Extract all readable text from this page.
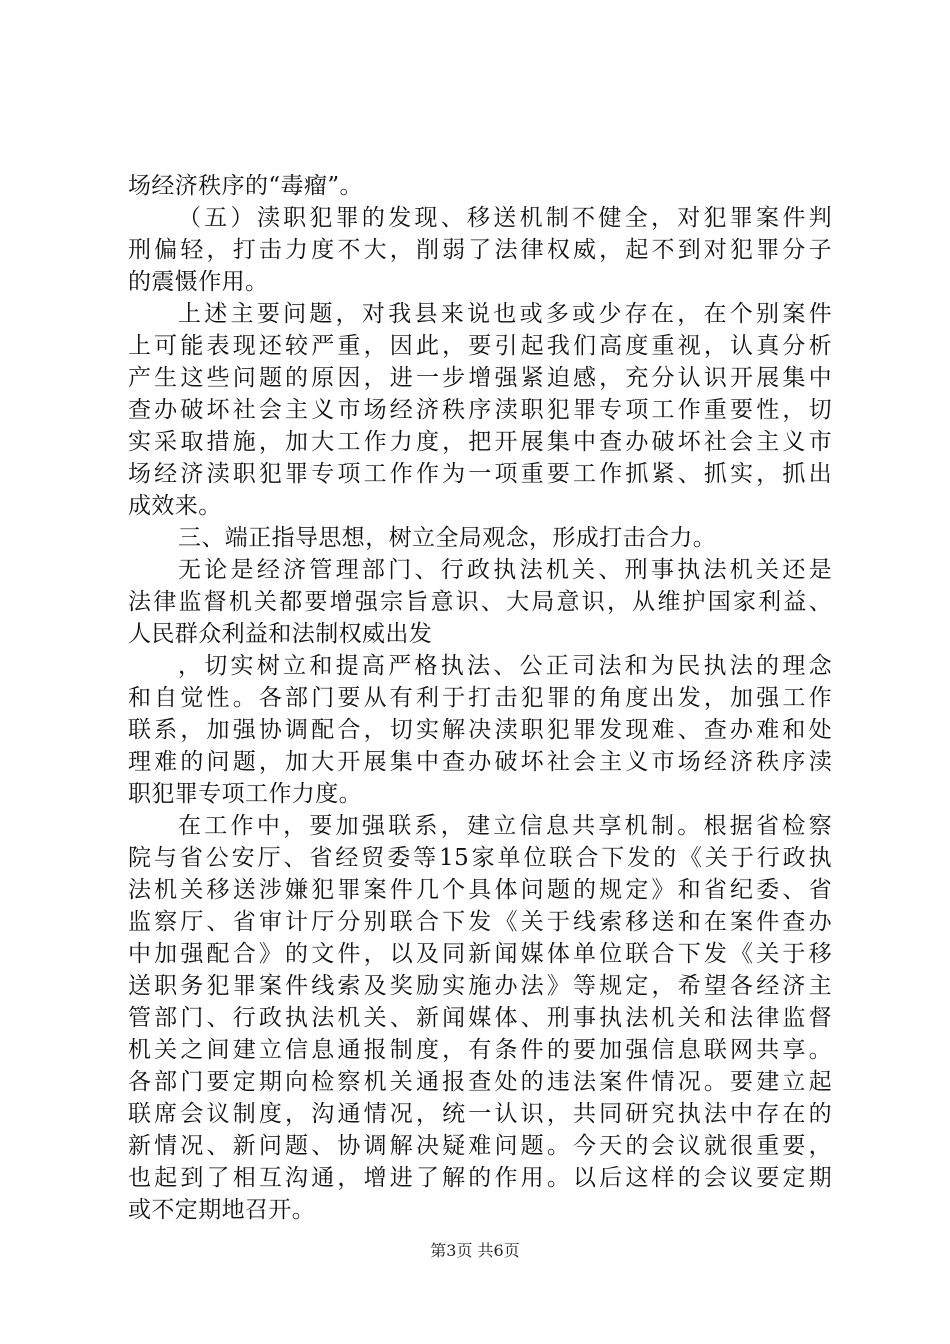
场经济秩序的“毒瘤”。
（五）渎职犯罪的发现、移送机制不健全，对犯罪案件判
刑偏轻，打击力度不大，削弱了法律权威，起不到对犯罪分子
的震慑作用。
上述主要问题，对我县来说也或多或少存在，在个别案件
上可能表现还较严重，因此，要引起我们高度重视，认真分析
产生这些问题的原因，进一步增强紧迫感，充分认识开展集中
查办破坏社会主义市场经济秩序渎职犯罪专项工作重要性，切
实采取措施，加大工作力度，把开展集中查办破坏社会主义市
场经济渎职犯罪专项工作作为一项重要工作抓紧、抓实，抓出
成效来。
三、端正指导思想，树立全局观念，形成打击合力。
无论是经济管理部门、行政执法机关、刑事执法机关还是
法律监督机关都要增强宗旨意识、大局意识，从维护国家利益、
人民群众利益和法制权威出发
，切实树立和提高严格执法、公正司法和为民执法的理念
和自觉性。各部门要从有利于打击犯罪的角度出发，加强工作
联系，加强协调配合，切实解决渎职犯罪发现难、查办难和处
理难的问题，加大开展集中查办破坏社会主义市场经济秩序渎
职犯罪专项工作力度。
在工作中，要加强联系，建立信息共享机制。根据省检察
院与省公安厅、省经贸委等15家单位联合下发的《关于行政执
法机关移送涉嫌犯罪案件几个具体问题的规定》和省纪委、省
监察厅、省审计厅分别联合下发《关于线索移送和在案件查办
中加强配合》的文件，以及同新闻媒体单位联合下发《关于移
送职务犯罪案件线索及奖励实施办法》等规定，希望各经济主
管部门、行政执法机关、新闻媒体、刑事执法机关和法律监督
机关之间建立信息通报制度，有条件的要加强信息联网共享。
各部门要定期向检察机关通报查处的违法案件情况。要建立起
联席会议制度，沟通情况，统一认识，共同研究执法中存在的
新情况、新问题、协调解决疑难问题。今天的会议就很重要，
也起到了相互沟通，增进了解的作用。以后这样的会议要定期
或不定期地召开。
第3页 共6页
